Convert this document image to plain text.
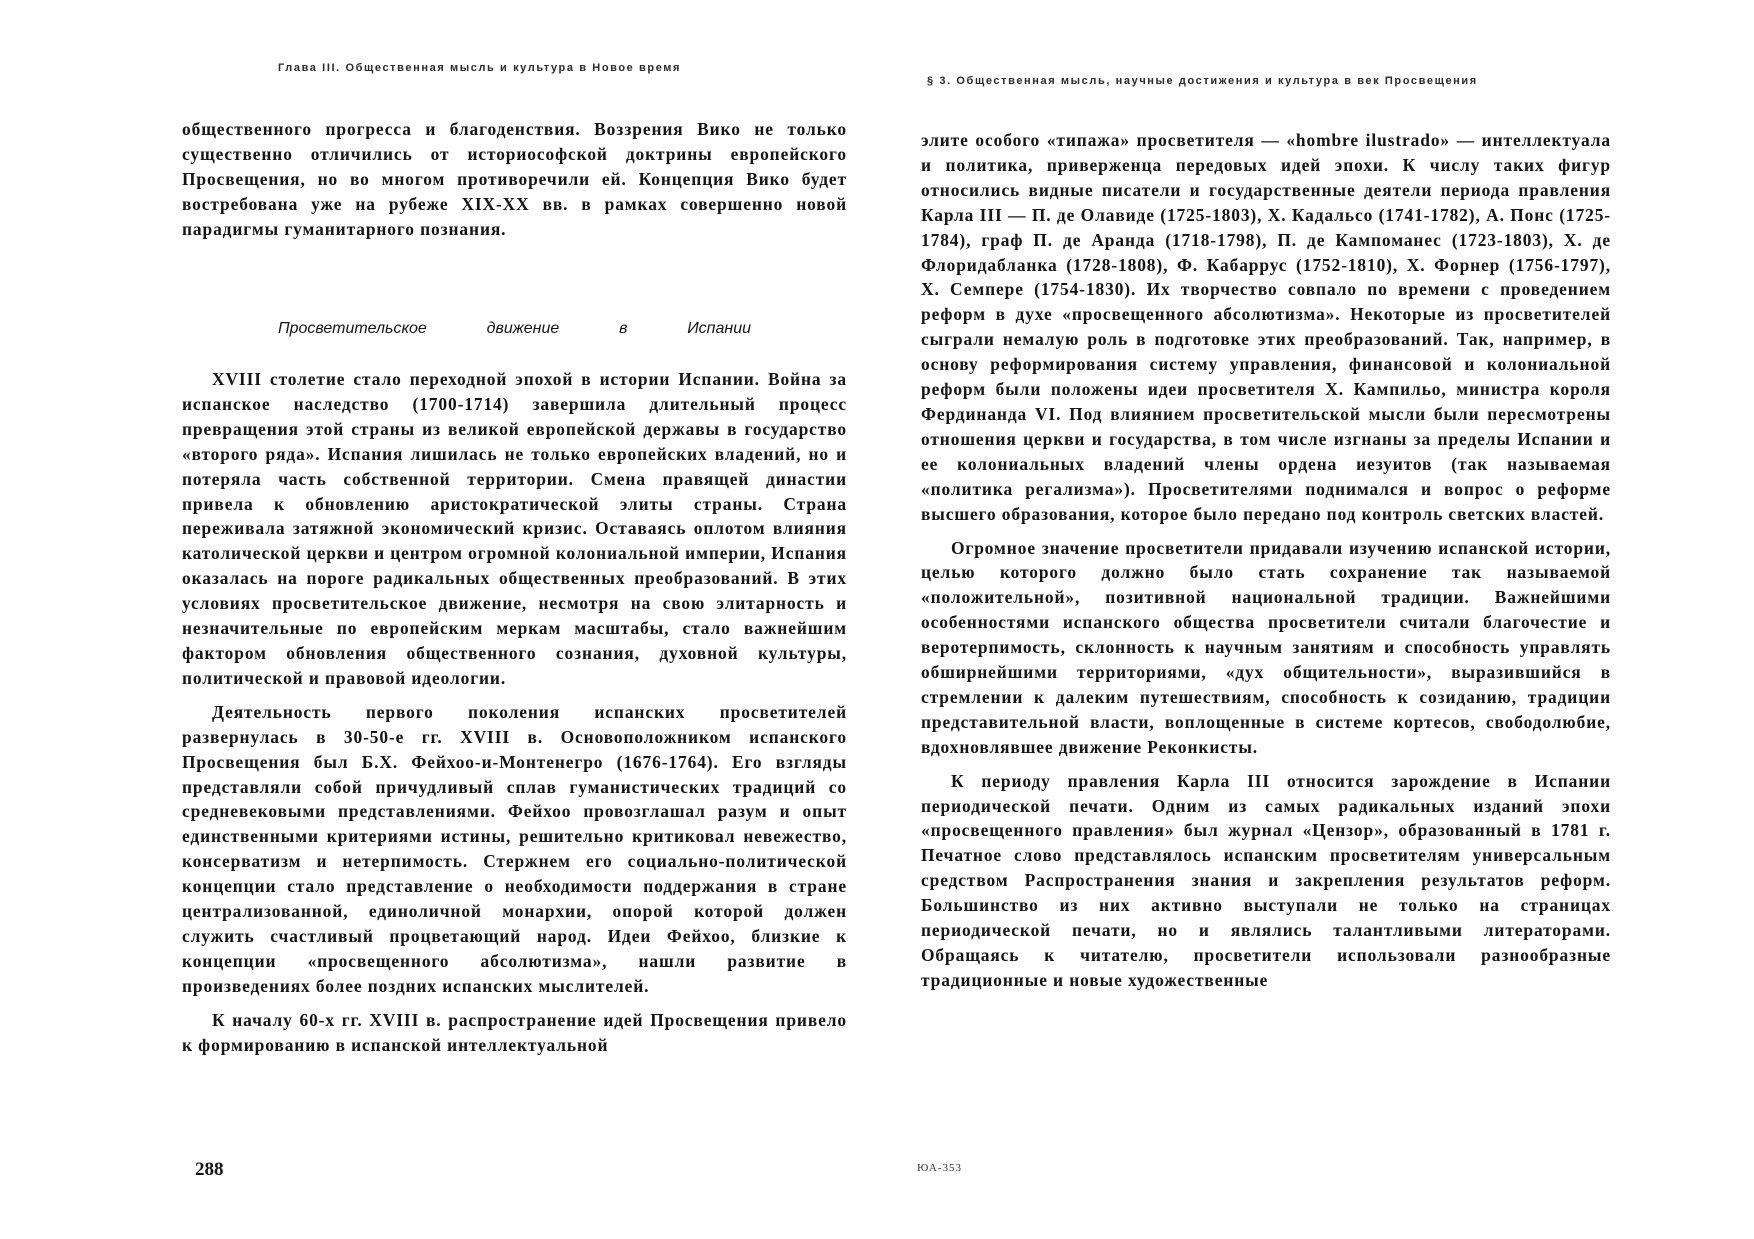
Глава III. Общественная мысль и культура в Новое время

общественного прогресса и благоденствия. Воззрения Вико не только существенно отличились от историософской доктрины европейского Просвещения, но во многом противоречили ей. Концепция Вико будет востребована уже на рубеже XIX-XX вв. в рамках совершенно новой парадигмы гуманитарного познания.

Просветительское	движение	в	Испании

XVIII столетие стало переходной эпохой в истории Испании. Война за испанское наследство (1700-1714) завершила длительный процесс превращения этой страны из великой европейской державы в государство «второго ряда». Испания лишилась не только европейских владений, но и потеряла часть собственной территории. Смена правящей династии привела к обновлению аристократической элиты страны. Страна переживала затяжной экономический кризис. Оставаясь оплотом влияния католической церкви и центром огромной колониальной империи, Испания оказалась на пороге радикальных общественных преобразований. В этих условиях просветительское движение, несмотря на свою элитарность и незначительные по европейским меркам масштабы, стало важнейшим фактором обновления общественного сознания, духовной культуры, политической и правовой идеологии.

Деятельность первого поколения испанских просветителей развернулась в 30-50-е гг. XVIII в. Основоположником испанского Просвещения был Б.Х. Фейхоо-и-Монтенегро (1676-1764). Его взгляды представляли собой причудливый сплав гуманистических традиций со средневековыми представлениями. Фейхоо провозглашал разум и опыт единственными критериями истины, решительно критиковал невежество, консерватизм и нетерпимость. Стержнем его социально-политической концепции стало представление о необходимости поддержания в стране централизованной, единоличной монархии, опорой которой должен служить счастливый процветающий народ. Идеи Фейхоо, близкие к концепции «просвещенного абсолютизма», нашли развитие в произведениях более поздних испанских мыслителей.

К началу 60-х гг. XVIII в. распространение идей Просвещения привело к формированию в испанской интеллектуальной

288
§ 3. Общественная мысль, научные достижения и культура в век Просвещения

элите особого «типажа» просветителя — «hombre ilustrado» — интеллектуала и политика, приверженца передовых идей эпохи. К числу таких фигур относились видные писатели и государственные деятели периода правления Карла III — П. де Олавиде (1725-1803), Х. Кадальсо (1741-1782), А. Понс (1725-1784), граф П. де Аранда (1718-1798), П. де Кампоманес (1723-1803), Х. де Флоридабланка (1728-1808), Ф. Кабаррус (1752-1810), Х. Форнер (1756-1797), Х. Семпере (1754-1830). Их творчество совпало по времени с проведением реформ в духе «просвещенного абсолютизма». Некоторые из просветителей сыграли немалую роль в подготовке этих преобразований. Так, например, в основу реформирования систему управления, финансовой и колониальной реформ были положены идеи просветителя Х. Кампильо, министра короля Фердинанда VI. Под влиянием просветительской мысли были пересмотрены отношения церкви и государства, в том числе изгнаны за пределы Испании и ее колониальных владений члены ордена иезуитов (так называемая «политика регализма»). Просветителями поднимался и вопрос о реформе высшего образования, которое было передано под контроль светских властей.

Огромное значение просветители придавали изучению испанской истории, целью которого должно было стать сохранение так называемой «положительной», позитивной национальной традиции. Важнейшими особенностями испанского общества просветители считали благочестие и веротерпимость, склонность к научным занятиям и способность управлять обширнейшими территориями, «дух общительности», выразившийся в стремлении к далеким путешествиям, способность к созиданию, традиции представительной власти, воплощенные в системе кортесов, свободолюбие, вдохновлявшее движение Реконкисты.

К периоду правления Карла III относится зарождение в Испании периодической печати. Одним из самых радикальных изданий эпохи «просвещенного правления» был журнал «Цензор», образованный в 1781 г. Печатное слово представлялось испанским просветителям универсальным средством Распространения знания и закрепления результатов реформ. Большинство из них активно выступали не только на страницах периодической печати, но и являлись талантливыми литераторами. Обращаясь к читателю, просветители использовали разнообразные традиционные и новые художественные

ЮА-353
